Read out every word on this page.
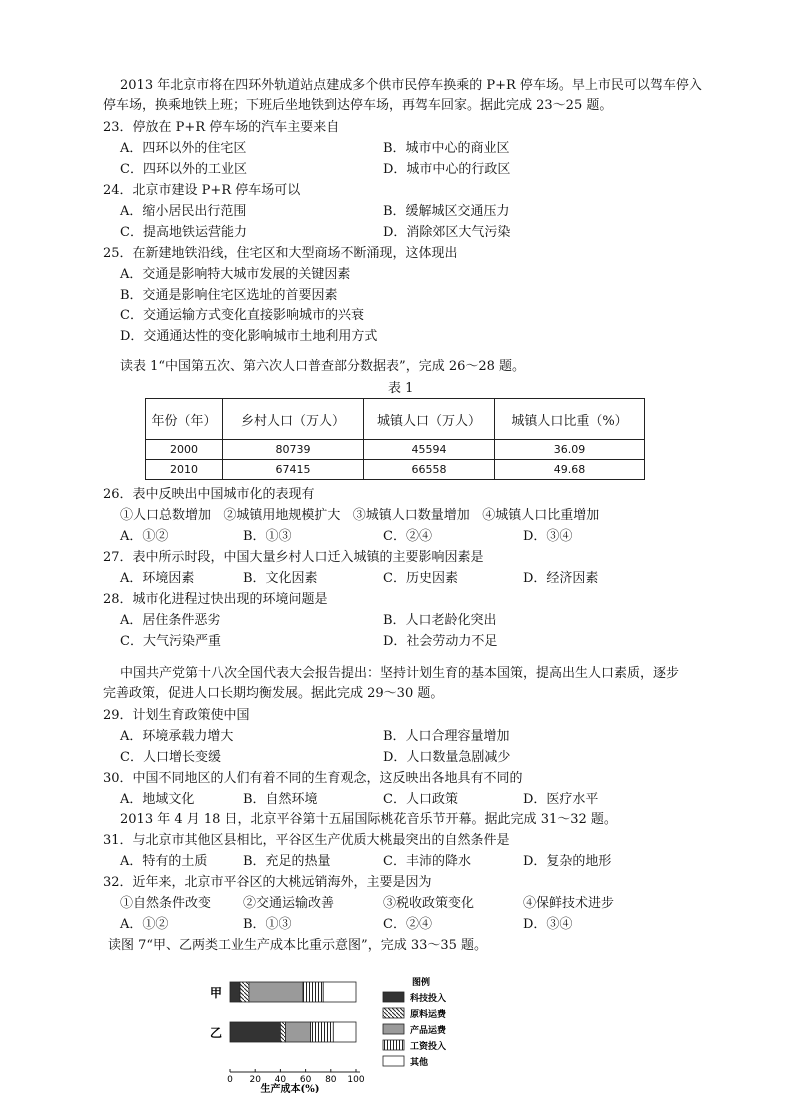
2013 年北京市将在四环外轨道站点建成多个供市民停车换乘的 P+R 停车场。早上市民可以驾车停入
停车场，换乘地铁上班；下班后坐地铁到达停车场，再驾车回家。据此完成 23～25 题。
23．停放在 P+R 停车场的汽车主要来自
A．四环以外的住宅区	B．城市中心的商业区
C．四环以外的工业区	D．城市中心的行政区
24．北京市建设 P+R 停车场可以
A．缩小居民出行范围	B．缓解城区交通压力
C．提高地铁运营能力	D．消除郊区大气污染
25．在新建地铁沿线，住宅区和大型商场不断涌现，这体现出
A．交通是影响特大城市发展的关键因素
B．交通是影响住宅区选址的首要因素
C．交通运输方式变化直接影响城市的兴衰
D．交通通达性的变化影响城市土地利用方式
读表 1“中国第五次、第六次人口普查部分数据表”，完成 26～28 题。
表 1
年份（年）	乡村人口（万人）	城镇人口（万人）	城镇人口比重（%）
2000	80739	45594	36.09
2010	67415	66558	49.68
26．表中反映出中国城市化的表现有
①人口总数增加   ②城镇用地规模扩大   ③城镇人口数量增加   ④城镇人口比重增加
A．①②	B．①③	C．②④	D．③④
27．表中所示时段，中国大量乡村人口迁入城镇的主要影响因素是
A．环境因素	B．文化因素	C．历史因素	D．经济因素
28．城市化进程过快出现的环境问题是
A．居住条件恶劣	B．人口老龄化突出
C．大气污染严重	D．社会劳动力不足
中国共产党第十八次全国代表大会报告提出：坚持计划生育的基本国策，提高出生人口素质，逐步
完善政策，促进人口长期均衡发展。据此完成 29～30 题。
29．计划生育政策使中国
A．环境承载力增大	B．人口合理容量增加
C．人口增长变缓	D．人口数量急剧减少
30．中国不同地区的人们有着不同的生育观念，这反映出各地具有不同的
A．地域文化	B．自然环境	C．人口政策	D．医疗水平
2013 年 4 月 18 日，北京平谷第十五届国际桃花音乐节开幕。据此完成 31～32 题。
31．与北京市其他区县相比，平谷区生产优质大桃最突出的自然条件是
A．特有的土质	B．充足的热量	C．丰沛的降水	D．复杂的地形
32．近年来，北京市平谷区的大桃远销海外，主要是因为
①自然条件改变 ②交通运输改善	③税收政策变化	④保鲜技术进步
A．①②	B．①③	C．②④	D．③④
读图 7“甲、乙两类工业生产成本比重示意图”，完成 33～35 题。
0 20 40 60 80 100
生产成本(%)
甲
乙
图例
科技投入
原料运费
产品运费
工资投入
其他
